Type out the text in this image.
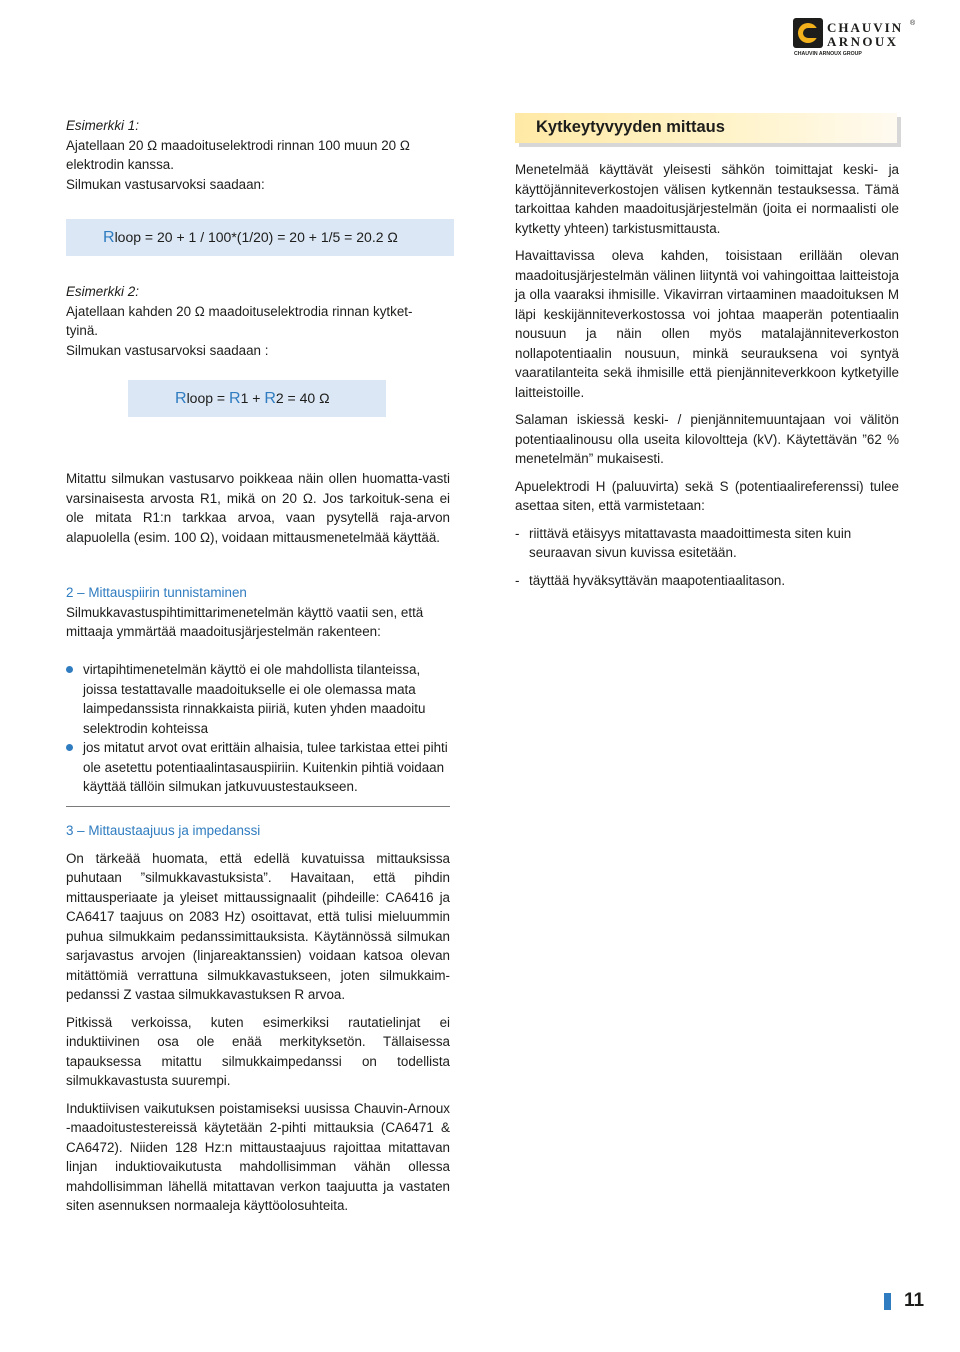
CHAUVIN ®
ARNOUX
CHAUVIN ARNOUX GROUP

Esimerkki 1:

Ajatellaan 20 Ω maadoituselektrodi rinnan 100 muun 20 Ω

elektrodin kanssa.

Silmukan vastusarvoksi saadaan:

Rloop = 20 + 1 / 100*(1/20) = 20 + 1/5 = 20.2 Ω

Esimerkki 2:

Ajatellaan kahden 20 Ω maadoituselektrodia rinnan kytket-

tyinä.

Silmukan vastusarvoksi saadaan :

Rloop = R1 + R2 = 40 Ω

Mitattu silmukan vastusarvo poikkeaa näin ollen huomatta-vasti varsinaisesta arvosta R1, mikä on 20 Ω. Jos tarkoituk-sena ei ole mitata R1:n tarkkaa arvoa, vaan pysytellä raja-arvon alapuolella (esim. 100 Ω), voidaan mittausmenetelmää käyttää.

2 – Mittauspiirin tunnistaminen

Silmukkavastuspihtimittarimenetelmän käyttö vaatii sen, että mittaaja ymmärtää maadoitusjärjestelmän rakenteen:

virtapihtimenetelmän käyttö ei ole mahdollista tilanteissa, joissa testattavalle maadoitukselle ei ole olemassa mata laimpedanssista rinnakkaista piiriä, kuten yhden maadoitu selektrodin kohteissa
jos mitatut arvot ovat erittäin alhaisia, tulee tarkistaa ettei pihti ole asetettu potentiaalintasauspiiriin. Kuitenkin pihtiä voidaan käyttää tällöin silmukan jatkuvuustestaukseen.

3 – Mittaustaajuus ja impedanssi

On tärkeää huomata, että edellä kuvatuissa mittauksissa puhutaan ”silmukkavastuksista”. Havaitaan, että pihdin mittausperiaate ja yleiset mittaussignaalit (pihdeille: CA6416 ja CA6417 taajuus on 2083 Hz) osoittavat, että tulisi mieluummin puhua silmukkaim pedanssimittauksista. Käytännössä silmukan sarjavastus arvojen (linjareaktanssien) voidaan katsoa olevan mitättömiä verrattuna silmukkavastukseen, joten silmukkaim-pedanssi Z vastaa silmukkavastuksen R arvoa.

Pitkissä verkoissa, kuten esimerkiksi rautatielinjat ei induktiivinen osa ole enää merkityksetön. Tällaisessa tapauksessa mitattu silmukkaimpedanssi on todellista silmukkavastusta suurempi.

Induktiivisen vaikutuksen poistamiseksi uusissa Chauvin-Arnoux -maadoitustestereissä käytetään 2-pihti mittauksia (CA6471 & CA6472). Niiden 128 Hz:n mittaustaajuus rajoittaa mitattavan linjan induktiovaikutusta mahdollisimman vähän ollessa mahdollisimman lähellä mitattavan verkon taajuutta ja vastaten siten asennuksen normaaleja käyttöolosuhteita.

Kytkeytyvyyden mittaus

Menetelmää käyttävät yleisesti sähkön toimittajat keski- ja käyttöjänniteverkostojen välisen kytkennän testauksessa. Tämä tarkoittaa kahden maadoitusjärjestelmän (joita ei normaalisti ole kytketty yhteen) tarkistusmittausta.

Havaittavissa oleva kahden, toisistaan erillään olevan maadoitusjärjestelmän välinen liityntä voi vahingoittaa laitteistoja ja olla vaaraksi ihmisille. Vikavirran virtaaminen maadoituksen M läpi keskijänniteverkostossa voi johtaa maaperän potentiaalin nousuun ja näin ollen myös matalajänniteverkoston nollapotentiaalin nousuun, minkä seurauksena voi syntyä vaaratilanteita sekä ihmisille että pienjänniteverkkoon kytketyille laitteistoille.

Salaman iskiessä keski- / pienjännitemuuntajaan voi välitön potentiaalinousu olla useita kilovoltteja (kV). Käytettävän ”62 % menetelmän” mukaisesti.

Apuelektrodi H (paluuvirta) sekä S (potentiaalireferenssi) tulee asettaa siten, että varmistetaan:

- riittävä etäisyys mitattavasta maadoittimesta siten kuin seuraavan sivun kuvissa esitetään.
- täyttää hyväksyttävän maapotentiaalitason.
11
